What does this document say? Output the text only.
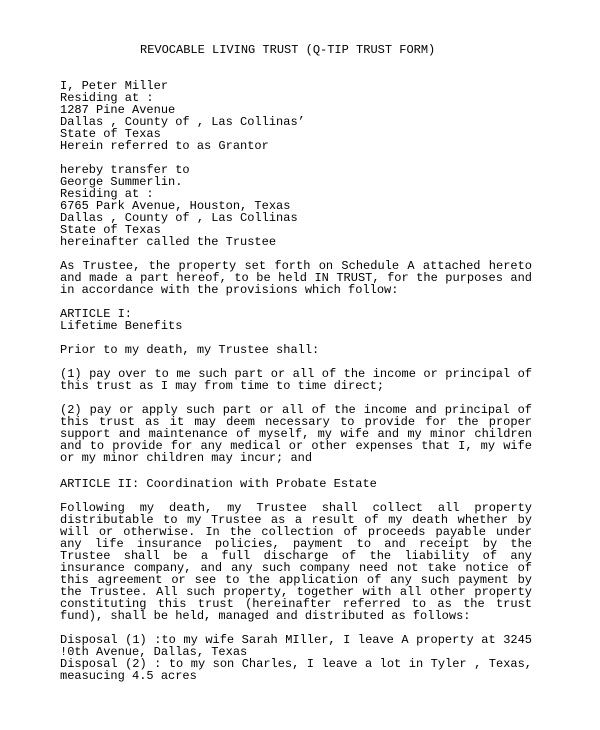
REVOCABLE LIVING TRUST (Q-TIP TRUST FORM)
I, Peter Miller
Residing at :
1287 Pine Avenue
Dallas , County of , Las Collinas’
State of Texas
Herein referred to as Grantor
hereby transfer to
George Summerlin.
Residing at :
6765 Park Avenue, Houston, Texas
Dallas , County of , Las Collinas
State of Texas
hereinafter called the Trustee
As Trustee, the property set forth on Schedule A attached hereto
and made a part hereof, to be held IN TRUST, for the purposes and
in accordance with the provisions which follow:
ARTICLE I:
Lifetime Benefits
Prior to my death, my Trustee shall:
(1) pay over to me such part or all of the income or principal of
this trust as I may from time to time direct;
(2) pay or apply such part or all of the income and principal of
this trust as it may deem necessary to provide for the proper
support and maintenance of myself, my wife and my minor children
and to provide for any medical or other expenses that I, my wife
or my minor children may incur; and
ARTICLE II: Coordination with Probate Estate
Following my death, my Trustee shall collect all property
distributable to my Trustee as a result of my death whether by
will or otherwise. In the collection of proceeds payable under
any life insurance policies, payment to and receipt by the
Trustee shall be a full discharge of the liability of any
insurance company, and any such company need not take notice of
this agreement or see to the application of any such payment by
the Trustee. All such property, together with all other property
constituting this trust (hereinafter referred to as the trust
fund), shall be held, managed and distributed as follows:
Disposal (1) :to my wife Sarah MIller, I leave A property at 3245
!0th Avenue, Dallas, Texas
Disposal (2) : to my son Charles, I leave a lot in Tyler , Texas,
measucing 4.5 acres
